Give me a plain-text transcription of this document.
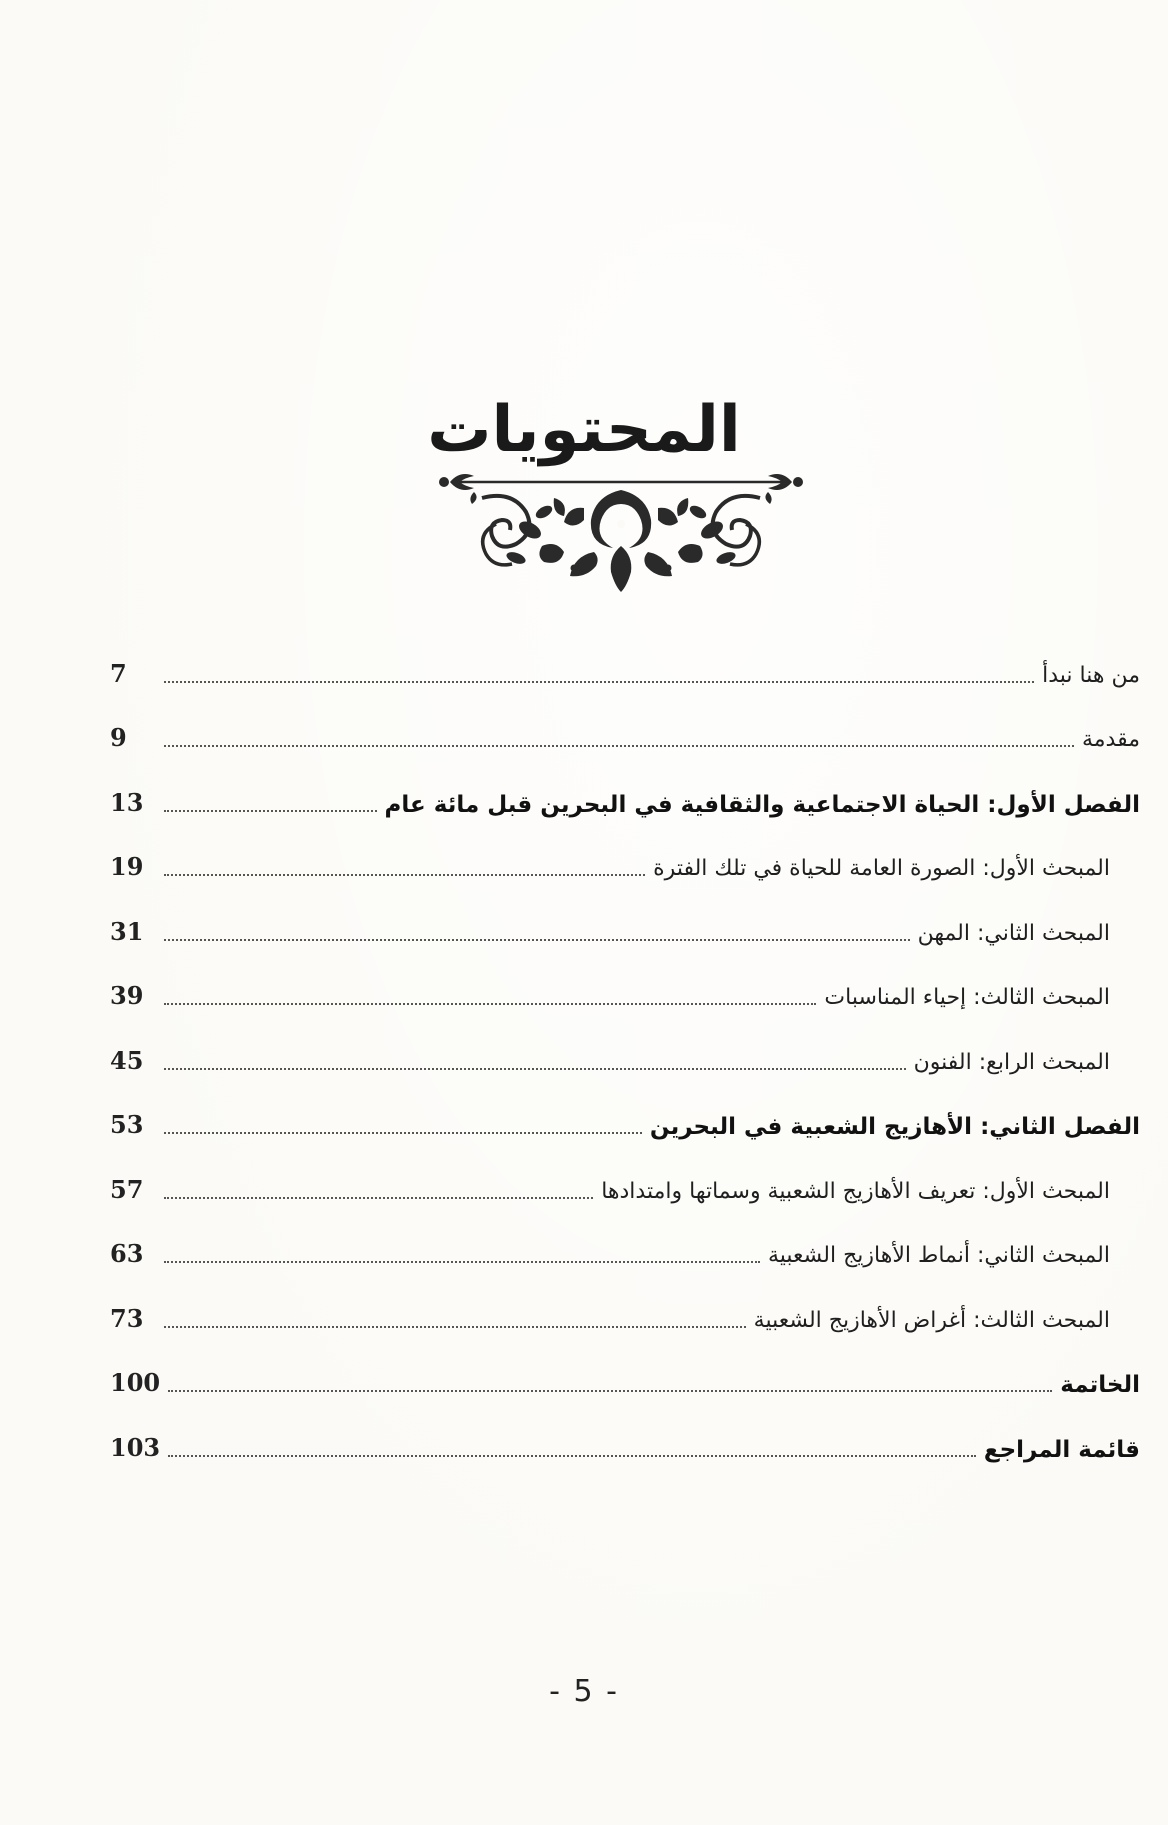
المحتويات
من هنا نبدأ
7
مقدمة
9
الفصل الأول: الحياة الاجتماعية والثقافية في البحرين قبل مائة عام
13
المبحث الأول: الصورة العامة للحياة في تلك الفترة
19
المبحث الثاني: المهن
31
المبحث الثالث: إحياء المناسبات
39
المبحث الرابع: الفنون
45
الفصل الثاني: الأهازيج الشعبية في البحرين
53
المبحث الأول: تعريف الأهازيج الشعبية وسماتها وامتدادها
57
المبحث الثاني: أنماط الأهازيج الشعبية
63
المبحث الثالث: أغراض الأهازيج الشعبية
73
الخاتمة
100
قائمة المراجع
103
- 5 -
